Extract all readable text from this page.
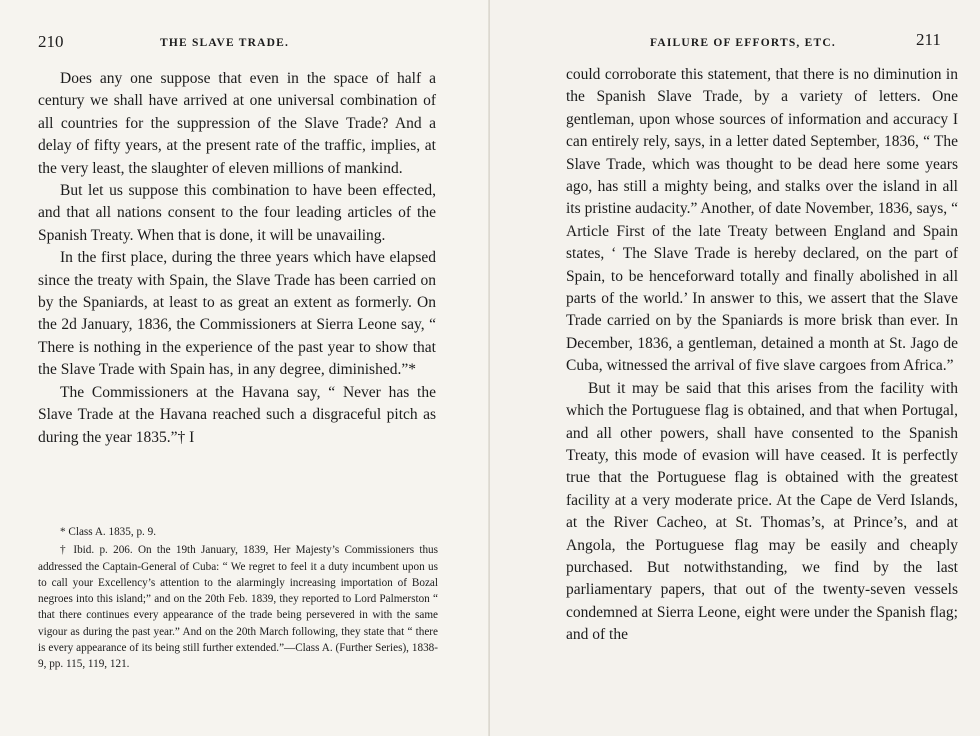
210	THE SLAVE TRADE.

Does any one suppose that even in the space of half a century we shall have arrived at one universal combination of all countries for the suppression of the Slave Trade? And a delay of fifty years, at the present rate of the traffic, implies, at the very least, the slaughter of eleven millions of mankind.

But let us suppose this combination to have been effected, and that all nations consent to the four leading articles of the Spanish Treaty. When that is done, it will be unavailing.

In the first place, during the three years which have elapsed since the treaty with Spain, the Slave Trade has been carried on by the Spaniards, at least to as great an extent as formerly. On the 2d January, 1836, the Commissioners at Sierra Leone say, “ There is nothing in the experience of the past year to show that the Slave Trade with Spain has, in any degree, diminished.”*

The Commissioners at the Havana say, “ Never has the Slave Trade at the Havana reached such a disgraceful pitch as during the year 1835.”† I

* Class A. 1835, p. 9.

† Ibid. p. 206. On the 19th January, 1839, Her Majesty’s Commissioners thus addressed the Captain-General of Cuba: “ We regret to feel it a duty incumbent upon us to call your Excellency’s attention to the alarmingly increasing importation of Bozal negroes into this island;” and on the 20th Feb. 1839, they reported to Lord Palmerston “ that there continues every appearance of the trade being persevered in with the same vigour as during the past year.” And on the 20th March following, they state that “ there is every appearance of its being still further extended.”—Class A. (Further Series), 1838-9, pp. 115, 119, 121.

FAILURE OF EFFORTS, ETC.	211

could corroborate this statement, that there is no diminution in the Spanish Slave Trade, by a variety of letters. One gentleman, upon whose sources of information and accuracy I can entirely rely, says, in a letter dated September, 1836, “ The Slave Trade, which was thought to be dead here some years ago, has still a mighty being, and stalks over the island in all its pristine audacity.” Another, of date November, 1836, says, “ Article First of the late Treaty between England and Spain states, ‘ The Slave Trade is hereby declared, on the part of Spain, to be henceforward totally and finally abolished in all parts of the world.’ In answer to this, we assert that the Slave Trade carried on by the Spaniards is more brisk than ever. In December, 1836, a gentleman, detained a month at St. Jago de Cuba, witnessed the arrival of five slave cargoes from Africa.”

But it may be said that this arises from the facility with which the Portuguese flag is obtained, and that when Portugal, and all other powers, shall have consented to the Spanish Treaty, this mode of evasion will have ceased. It is perfectly true that the Portuguese flag is obtained with the greatest facility at a very moderate price. At the Cape de Verd Islands, at the River Cacheo, at St. Thomas’s, at Prince’s, and at Angola, the Portuguese flag may be easily and cheaply purchased. But notwithstanding, we find by the last parliamentary papers, that out of the twenty-seven vessels condemned at Sierra Leone, eight were under the Spanish flag; and of the
